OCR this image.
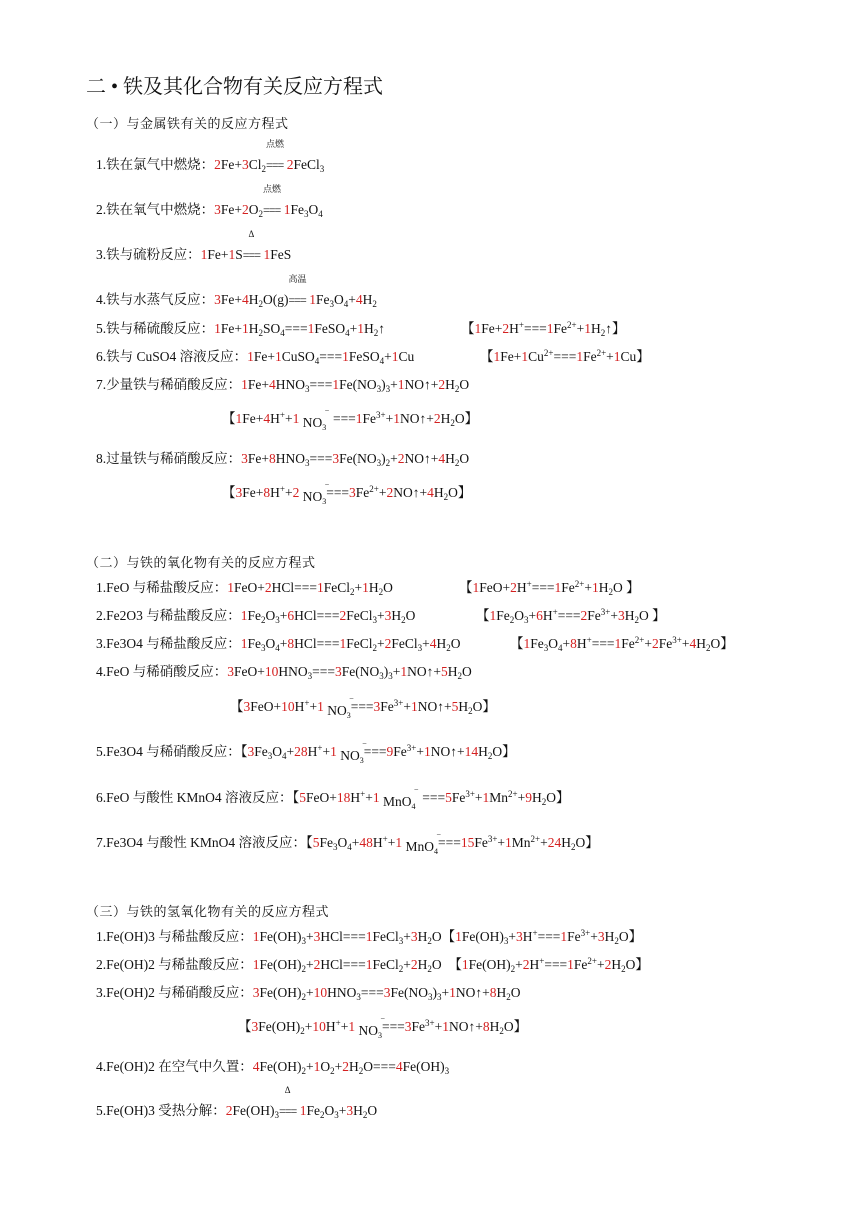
二 • 铁及其化合物有关反应方程式
（一）与金属铁有关的反应方程式
1.铁在氯气中燃烧：$2Fe+3Cl_2$
点燃
=== 2FeCl$_3$
2.铁在氧气中燃烧：$3Fe+2O_2$
点燃
=== $1Fe_3O_4$
3.铁与硫粉反应：1Fe+1S
Δ
=== 1FeS
4.铁与水蒸气反应：$3Fe+4H_2O(g)$
高温
=== $1Fe_3O_4+4H_2$
5.铁与稀硫酸反应：$1Fe+1H_2SO_4===1FeSO_4+1H_2↑$	【$1Fe+2H^+===1Fe^{2+}+1H_2↑$】
6.铁与 CuSO4 溶液反应：1Fe+1CuSO$_4$===1FeSO$_4$+1Cu	【$1Fe+1Cu^{2+}===1Fe^{2+}+1Cu$】
7.少量铁与稀硝酸反应：$1Fe+4HNO_3===1Fe(NO_3)_3+1NO↑+2H_2O$
【1Fe+4H++1 $NO_3$
−
$===1Fe^{3+}+1NO↑+2H_2O$】
8.过量铁与稀硝酸反应：$3Fe+8HNO_3===3Fe(NO_3)_2+2NO↑+4H_2O$
【3Fe+8H++2 $NO_3$
−
$===3Fe^{2+}+2NO↑+4H_2O$】
（二）与铁的氧化物有关的反应方程式
1.FeO 与稀盐酸反应：$1FeO+2HCl===1FeCl_2+1H_2O$	【$1FeO+2H^+===1Fe^{2+}+1H_2O$ 】
2.Fe2O3 与稀盐酸反应：$1Fe_2O_3+6HCl===2FeCl_3+3H_2O$	【$1Fe_2O_3+6H^+===2Fe^{3+}+3H_2O$ 】
3.Fe3O4 与稀盐酸反应：$1Fe_3O_4+8HCl===1FeCl_2+2FeCl_3+4H_2O$	【$1Fe_3O_4+8H^+===1Fe^{2+}+2Fe^{3+}+4H_2O$】
4.FeO 与稀硝酸反应：$3FeO+10HNO_3===3Fe(NO_3)_3+1NO↑+5H_2O$
【3FeO+10H++1 $NO_3$
−
$===3Fe^{3+}+1NO↑+5H_2O$】
5.Fe3O4 与稀硝酸反应：【$3Fe_3O_4+28H^++1$ $NO_3$
−
$===9Fe^{3+}+1NO↑+14H_2O$】
6.FeO 与酸性 KMnO4 溶液反应：【5FeO+18H++1 MnO$_4$
−
$===5Fe^{3+}+1Mn^{2+}+9H_2O$】
7.Fe3O4 与酸性 KMnO4 溶液反应：【$5Fe_3O_4+48H^++1$ MnO$_4$
−
$===15Fe^{3+}+1Mn^{2+}+24H_2O$】
（三）与铁的氢氧化物有关的反应方程式
1.Fe(OH)3 与稀盐酸反应：$1Fe(OH)_3+3HCl===1FeCl_3+3H_2O$【$1Fe(OH)_3+3H^+===1Fe^{3+}+3H_2O$】
2.Fe(OH)2 与稀盐酸反应：$1Fe(OH)_2+2HCl===1FeCl_2+2H_2O$  【$1Fe(OH)_2+2H^+===1Fe^{2+}+2H_2O$】
3.Fe(OH)2 与稀硝酸反应：$3Fe(OH)_2+10HNO_3===3Fe(NO_3)_3+1NO↑+8H_2O$
【$3Fe(OH)_2+10H^++1$ $NO_3$
−
$===3Fe^{3+}+1NO↑+8H_2O$】
4.Fe(OH)2 在空气中久置：$4Fe(OH)_2+1O_2+2H_2O===4Fe(OH)_3$
5.Fe(OH)3 受热分解：$2Fe(OH)_3$
Δ
=== $1Fe_2O_3+3H_2O$
